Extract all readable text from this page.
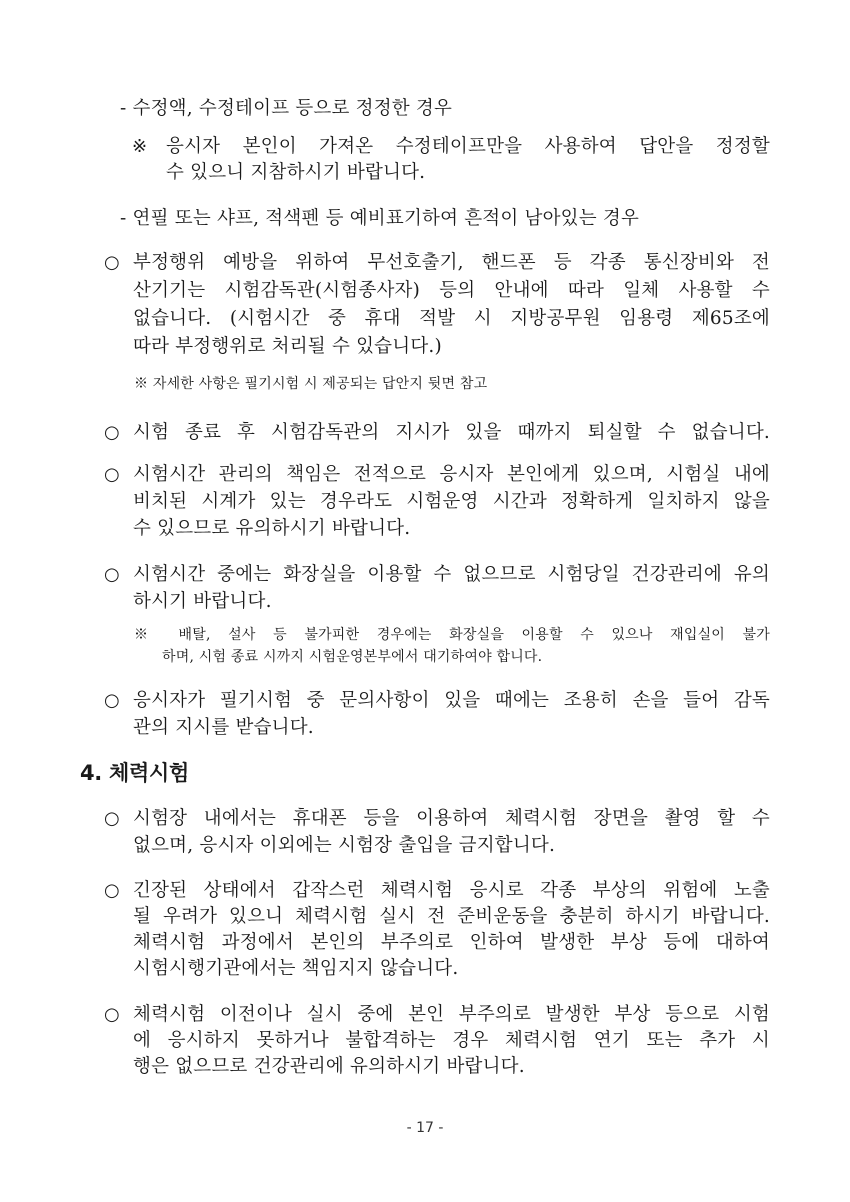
- 수정액, 수정테이프 등으로 정정한 경우
※ 응시자 본인이 가져온 수정테이프만을 사용하여 답안을 정정할
수 있으니 지참하시기 바랍니다.
- 연필 또는 샤프, 적색펜 등 예비표기하여 흔적이 남아있는 경우
○ 부정행위 예방을 위하여 무선호출기, 핸드폰 등 각종 통신장비와 전
산기기는 시험감독관(시험종사자) 등의 안내에 따라 일체 사용할 수
없습니다. (시험시간 중 휴대 적발 시 지방공무원 임용령 제65조에
따라 부정행위로 처리될 수 있습니다.)
※ 자세한 사항은 필기시험 시 제공되는 답안지 뒷면 참고
○ 시험 종료 후 시험감독관의 지시가 있을 때까지 퇴실할 수 없습니다.
○ 시험시간 관리의 책임은 전적으로 응시자 본인에게 있으며, 시험실 내에
비치된 시계가 있는 경우라도 시험운영 시간과 정확하게 일치하지 않을
수 있으므로 유의하시기 바랍니다.
○ 시험시간 중에는 화장실을 이용할 수 없으므로 시험당일 건강관리에 유의
하시기 바랍니다.
※ 배탈, 설사 등 불가피한 경우에는 화장실을 이용할 수 있으나 재입실이 불가
하며, 시험 종료 시까지 시험운영본부에서 대기하여야 합니다.
○ 응시자가 필기시험 중 문의사항이 있을 때에는 조용히 손을 들어 감독
관의 지시를 받습니다.
4. 체력시험
○ 시험장 내에서는 휴대폰 등을 이용하여 체력시험 장면을 촬영 할 수
없으며, 응시자 이외에는 시험장 출입을 금지합니다.
○ 긴장된 상태에서 갑작스런 체력시험 응시로 각종 부상의 위험에 노출
될 우려가 있으니 체력시험 실시 전 준비운동을 충분히 하시기 바랍니다.
체력시험 과정에서 본인의 부주의로 인하여 발생한 부상 등에 대하여
시험시행기관에서는 책임지지 않습니다.
○ 체력시험 이전이나 실시 중에 본인 부주의로 발생한 부상 등으로 시험
에 응시하지 못하거나 불합격하는 경우 체력시험 연기 또는 추가 시
행은 없으므로 건강관리에 유의하시기 바랍니다.
- 17 -
